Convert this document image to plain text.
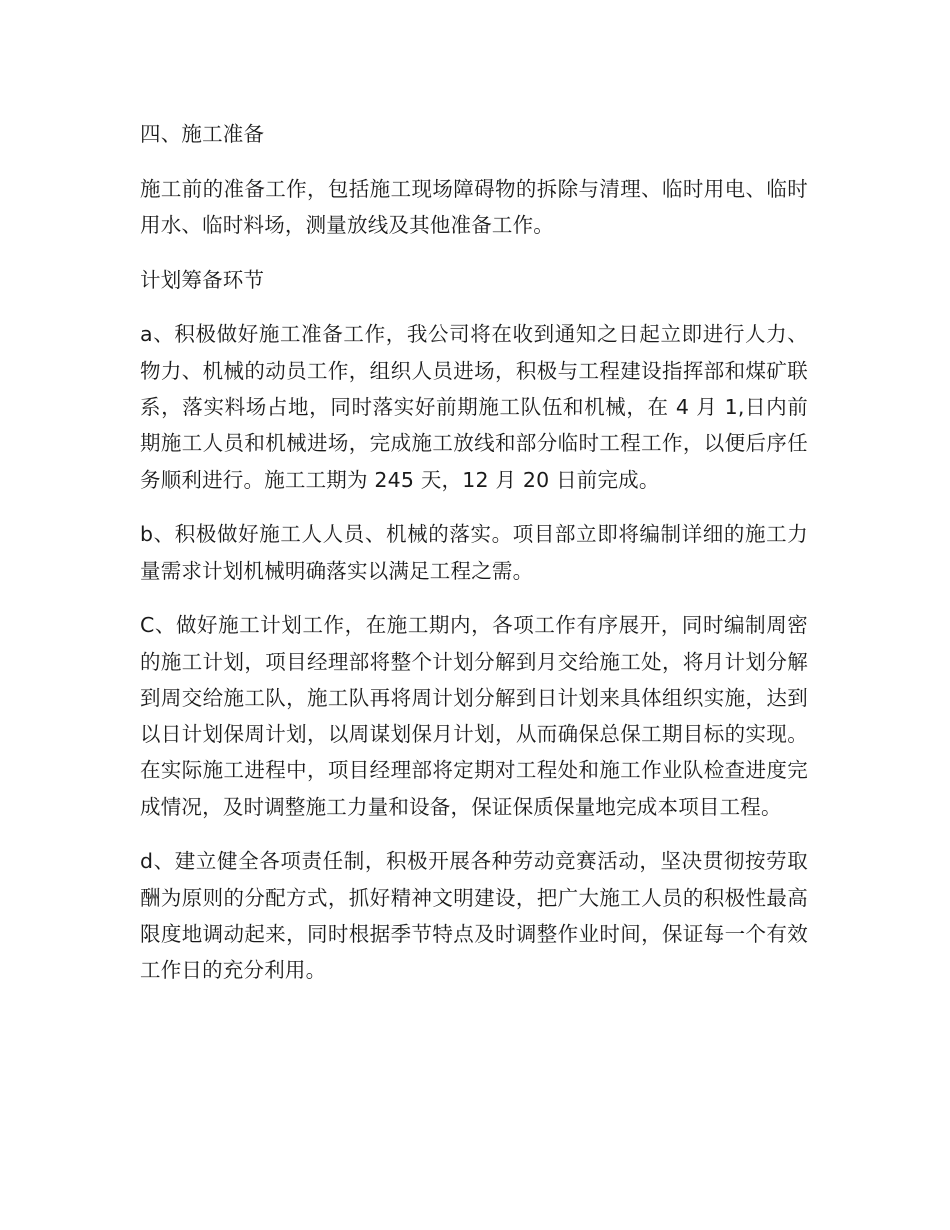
四、施工准备

施工前的准备工作，包括施工现场障碍物的拆除与清理、临时用电、临时用水、临时料场，测量放线及其他准备工作。

计划筹备环节

a、积极做好施工准备工作，我公司将在收到通知之日起立即进行人力、物力、机械的动员工作，组织人员进场，积极与工程建设指挥部和煤矿联系，落实料场占地，同时落实好前期施工队伍和机械，在 4 月 1,日内前期施工人员和机械进场，完成施工放线和部分临时工程工作，以便后序任务顺利进行。施工工期为 245 天，12 月 20 日前完成。

b、积极做好施工人人员、机械的落实。项目部立即将编制详细的施工力量需求计划机械明确落实以满足工程之需。

C、做好施工计划工作，在施工期内，各项工作有序展开，同时编制周密的施工计划，项目经理部将整个计划分解到月交给施工处，将月计划分解到周交给施工队，施工队再将周计划分解到日计划来具体组织实施，达到以日计划保周计划，以周谋划保月计划，从而确保总保工期目标的实现。在实际施工进程中，项目经理部将定期对工程处和施工作业队检查进度完成情况，及时调整施工力量和设备，保证保质保量地完成本项目工程。

d、建立健全各项责任制，积极开展各种劳动竞赛活动，坚决贯彻按劳取酬为原则的分配方式，抓好精神文明建设，把广大施工人员的积极性最高限度地调动起来，同时根据季节特点及时调整作业时间，保证每一个有效工作日的充分利用。
